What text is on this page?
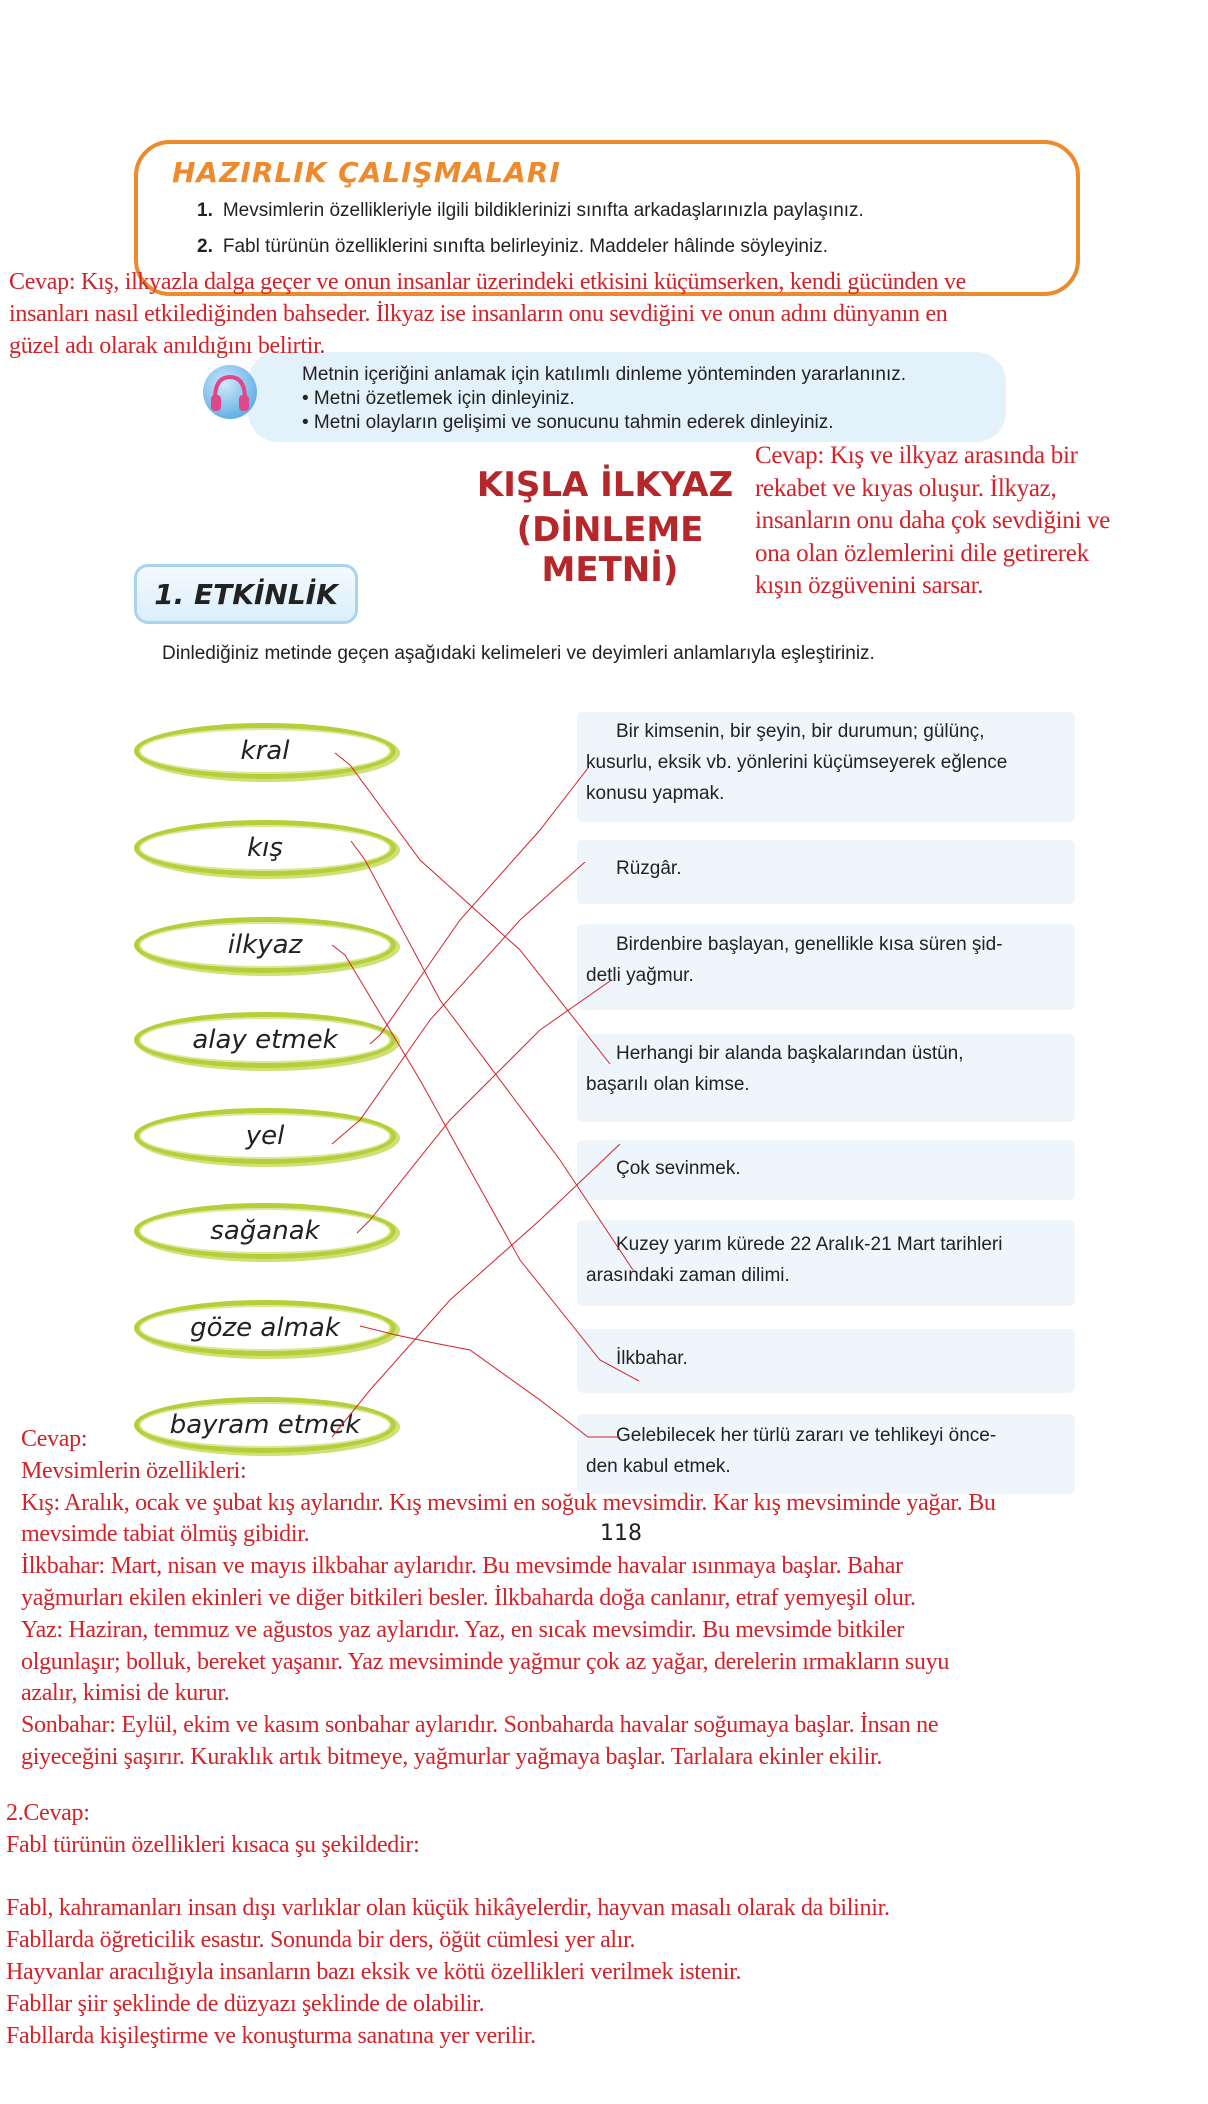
HAZIRLIK ÇALIŞMALARI
1. Mevsimlerin özellikleriyle ilgili bildiklerinizi sınıfta arkadaşlarınızla paylaşınız.
2. Fabl türünün özelliklerini sınıfta belirleyiniz. Maddeler hâlinde söyleyiniz.
Metnin içeriğini anlamak için katılımlı dinleme yönteminden yararlanınız.
• Metni özetlemek için dinleyiniz.
• Metni olayların gelişimi ve sonucunu tahmin ederek dinleyiniz.
Cevap: Kış, ilkyazla dalga geçer ve onun insanlar üzerindeki etkisini küçümserken, kendi gücünden ve
insanları nasıl etkilediğinden bahseder. İlkyaz ise insanların onu sevdiğini ve onun adını dünyanın en
güzel adı olarak anıldığını belirtir.
KIŞLA İLKYAZ
(DİNLEME METNİ)
Cevap: Kış ve ilkyaz arasında bir
rekabet ve kıyas oluşur. İlkyaz,
insanların onu daha çok sevdiğini ve
ona olan özlemlerini dile getirerek
kışın özgüvenini sarsar.
1. ETKİNLİK
Dinlediğiniz metinde geçen aşağıdaki kelimeleri ve deyimleri anlamlarıyla eşleştiriniz.
kral
kış
ilkyaz
alay etmek
yel
sağanak
göze almak
bayram etmek
Bir kimsenin, bir şeyin, bir durumun; gülünç,
kusurlu, eksik vb. yönlerini küçümseyerek eğlence
konusu yapmak.
Rüzgâr.
Birdenbire başlayan, genellikle kısa süren şid-
detli yağmur.
Herhangi bir alanda başkalarından üstün,
başarılı olan kimse.
Çok sevinmek.
Kuzey yarım kürede 22 Aralık-21 Mart tarihleri
arasındaki zaman dilimi.
İlkbahar.
Gelebilecek her türlü zararı ve tehlikeyi önce-
den kabul etmek.
118
Cevap:
Mevsimlerin özellikleri:
Kış: Aralık, ocak ve şubat kış aylarıdır. Kış mevsimi en soğuk mevsimdir. Kar kış mevsiminde yağar. Bu
mevsimde tabiat ölmüş gibidir.
İlkbahar: Mart, nisan ve mayıs ilkbahar aylarıdır. Bu mevsimde havalar ısınmaya başlar. Bahar
yağmurları ekilen ekinleri ve diğer bitkileri besler. İlkbaharda doğa canlanır, etraf yemyeşil olur.
Yaz: Haziran, temmuz ve ağustos yaz aylarıdır. Yaz, en sıcak mevsimdir. Bu mevsimde bitkiler
olgunlaşır; bolluk, bereket yaşanır. Yaz mevsiminde yağmur çok az yağar, derelerin ırmakların suyu
azalır, kimisi de kurur.
Sonbahar: Eylül, ekim ve kasım sonbahar aylarıdır. Sonbaharda havalar soğumaya başlar. İnsan ne
giyeceğini şaşırır. Kuraklık artık bitmeye, yağmurlar yağmaya başlar. Tarlalara ekinler ekilir.
2.Cevap:
Fabl türünün özellikleri kısaca şu şekildedir:
Fabl, kahramanları insan dışı varlıklar olan küçük hikâyelerdir, hayvan masalı olarak da bilinir.
Fabllarda öğreticilik esastır. Sonunda bir ders, öğüt cümlesi yer alır.
Hayvanlar aracılığıyla insanların bazı eksik ve kötü özellikleri verilmek istenir.
Fabllar şiir şeklinde de düzyazı şeklinde de olabilir.
Fabllarda kişileştirme ve konuşturma sanatına yer verilir.
